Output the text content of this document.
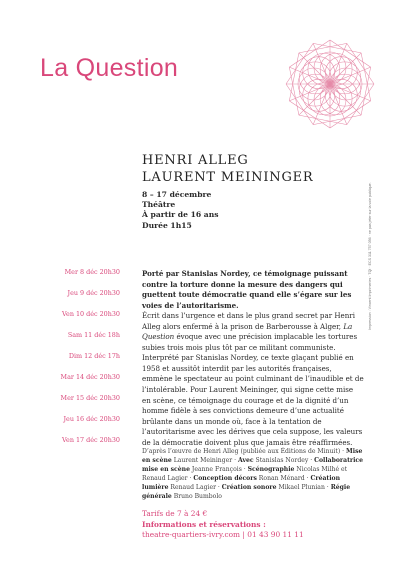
La Question
HENRI ALLEG
LAURENT MEININGER
8 – 17 décembre
Théâtre
À partir de 16 ans
Durée 1h15
Mer 8 déc 20h30
Jeu 9 déc 20h30
Ven 10 déc 20h30
Sam 11 déc 18h
Dim 12 déc 17h
Mar 14 déc 20h30
Mer 15 déc 20h30
Jeu 16 déc 20h30
Ven 17 déc 20h30

Porté par Stanislas Nordey, ce témoignage puissant contre la torture donne la mesure des dangers qui guettent toute démocratie quand elle s’égare sur les voies de l’autoritarisme.
Écrit dans l’urgence et dans le plus grand secret par Henri Alleg alors enfermé à la prison de Barberousse à Alger, La Question évoque avec une précision implacable les tortures subies trois mois plus tôt par ce militant communiste. Interprété par Stanislas Nordey, ce texte glaçant publié en 1958 et aussitôt interdit par les autorités françaises, emmène le spectateur au point culminant de l’inaudible et de l’intolérable. Pour Laurent Meininger, qui signe cette mise en scène, ce témoignage du courage et de la dignité d’un homme fidèle à ses convictions demeure d’une actualité brûlante dans un monde où, face à la tentation de l’autoritarisme avec les dérives que cela suppose, les valeurs de la démocratie doivent plus que jamais être réaffirmées.

D’après l’œuvre de Henri Alleg (publiée aux Éditions de Minuit) · Mise en scène Laurent Meininger · Avec Stanislas Nordey · Collaboratrice mise en scène Jeanne François · Scénographie Nicolas Milhé et Renaud Lagier · Conception décors Ronan Ménard · Création lumière Renaud Lagier · Création sonore Mikael Plunian · Régie générale Bruno Bumbolo

Tarifs de 7 à 24 €
Informations et réservations :
theatre-quartiers-ivry.com | 01 43 90 11 11
Impression : Vincent Imprimeries · TQI · ECS 311 757 056 · ne pas jeter sur la voie publique.
